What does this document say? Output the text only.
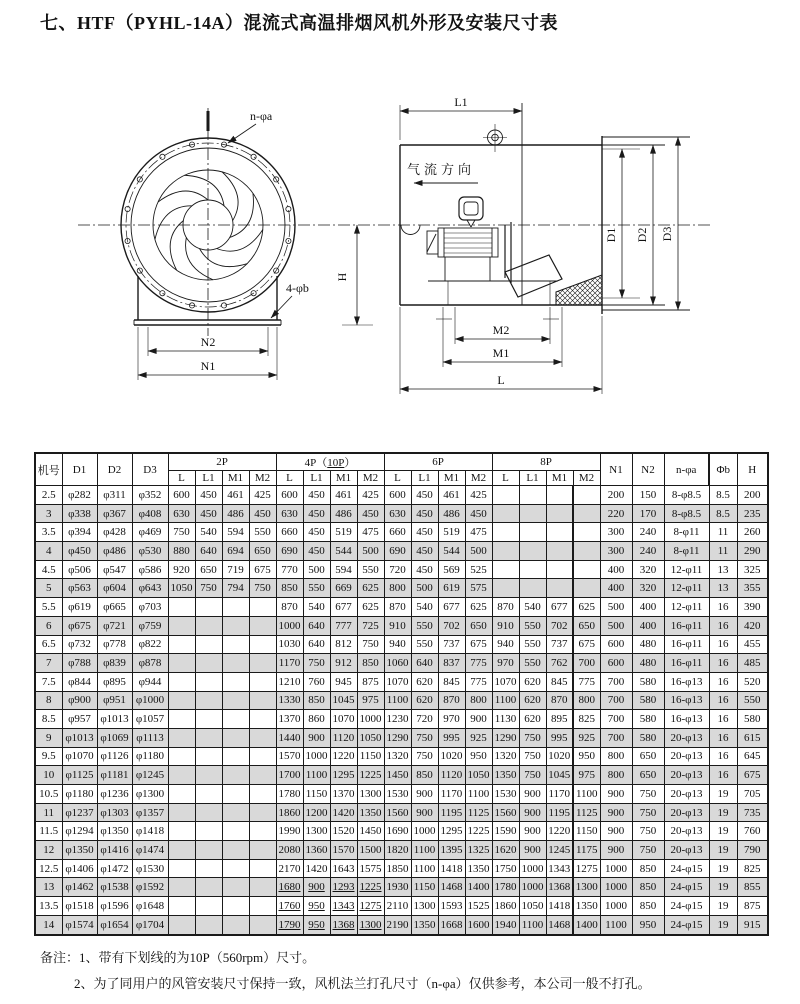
七、HTF（PYHL-14A）混流式高温排烟风机外形及安装尺寸表
N2
N1
H
n-φa
4-φb
L1
气流方向
D1 D2 D3
M2
M1
L
机号	D1	D2	D3	2P				4P（10P）				6P				8P				N1	N2	n-φa	Φb	H
				L	L1	M1	M2	L	L1	M1	M2	L	L1	M1	M2	L	L1	M1	M2					
2.5	φ282	φ311	φ352	600	450	461	425	600	450	461	425	600	450	461	425					200	150	8-φ8.5	8.5	200
3	φ338	φ367	φ408	630	450	486	450	630	450	486	450	630	450	486	450					220	170	8-φ8.5	8.5	235
3.5	φ394	φ428	φ469	750	540	594	550	660	450	519	475	660	450	519	475					300	240	8-φ11	11	260
4	φ450	φ486	φ530	880	640	694	650	690	450	544	500	690	450	544	500					300	240	8-φ11	11	290
4.5	φ506	φ547	φ586	920	650	719	675	770	500	594	550	720	450	569	525					400	320	12-φ11	13	325
5	φ563	φ604	φ643	1050	750	794	750	850	550	669	625	800	500	619	575					400	320	12-φ11	13	355
5.5	φ619	φ665	φ703					870	540	677	625	870	540	677	625	870	540	677	625	500	400	12-φ11	16	390
6	φ675	φ721	φ759					1000	640	777	725	910	550	702	650	910	550	702	650	500	400	16-φ11	16	420
6.5	φ732	φ778	φ822					1030	640	812	750	940	550	737	675	940	550	737	675	600	480	16-φ11	16	455
7	φ788	φ839	φ878					1170	750	912	850	1060	640	837	775	970	550	762	700	600	480	16-φ11	16	485
7.5	φ844	φ895	φ944					1210	760	945	875	1070	620	845	775	1070	620	845	775	700	580	16-φ13	16	520
8	φ900	φ951	φ1000					1330	850	1045	975	1100	620	870	800	1100	620	870	800	700	580	16-φ13	16	550
8.5	φ957	φ1013	φ1057					1370	860	1070	1000	1230	720	970	900	1130	620	895	825	700	580	16-φ13	16	580
9	φ1013	φ1069	φ1113					1440	900	1120	1050	1290	750	995	925	1290	750	995	925	700	580	20-φ13	16	615
9.5	φ1070	φ1126	φ1180					1570	1000	1220	1150	1320	750	1020	950	1320	750	1020	950	800	650	20-φ13	16	645
10	φ1125	φ1181	φ1245					1700	1100	1295	1225	1450	850	1120	1050	1350	750	1045	975	800	650	20-φ13	16	675
10.5	φ1180	φ1236	φ1300					1780	1150	1370	1300	1530	900	1170	1100	1530	900	1170	1100	900	750	20-φ13	19	705
11	φ1237	φ1303	φ1357					1860	1200	1420	1350	1560	900	1195	1125	1560	900	1195	1125	900	750	20-φ13	19	735
11.5	φ1294	φ1350	φ1418					1990	1300	1520	1450	1690	1000	1295	1225	1590	900	1220	1150	900	750	20-φ13	19	760
12	φ1350	φ1416	φ1474					2080	1360	1570	1500	1820	1100	1395	1325	1620	900	1245	1175	900	750	20-φ13	19	790
12.5	φ1406	φ1472	φ1530					2170	1420	1643	1575	1850	1100	1418	1350	1750	1000	1343	1275	1000	850	24-φ15	19	825
13	φ1462	φ1538	φ1592					1680	900	1293	1225	1930	1150	1468	1400	1780	1000	1368	1300	1000	850	24-φ15	19	855
13.5	φ1518	φ1596	φ1648					1760	950	1343	1275	2110	1300	1593	1525	1860	1050	1418	1350	1000	850	24-φ15	19	875
14	φ1574	φ1654	φ1704					1790	950	1368	1300	2190	1350	1668	1600	1940	1100	1468	1400	1100	950	24-φ15	19	915
备注：1、带有下划线的为10P（560rpm）尺寸。
2、为了同用户的风管安装尺寸保持一致，风机法兰打孔尺寸（n-φa）仅供参考，本公司一般不打孔。
